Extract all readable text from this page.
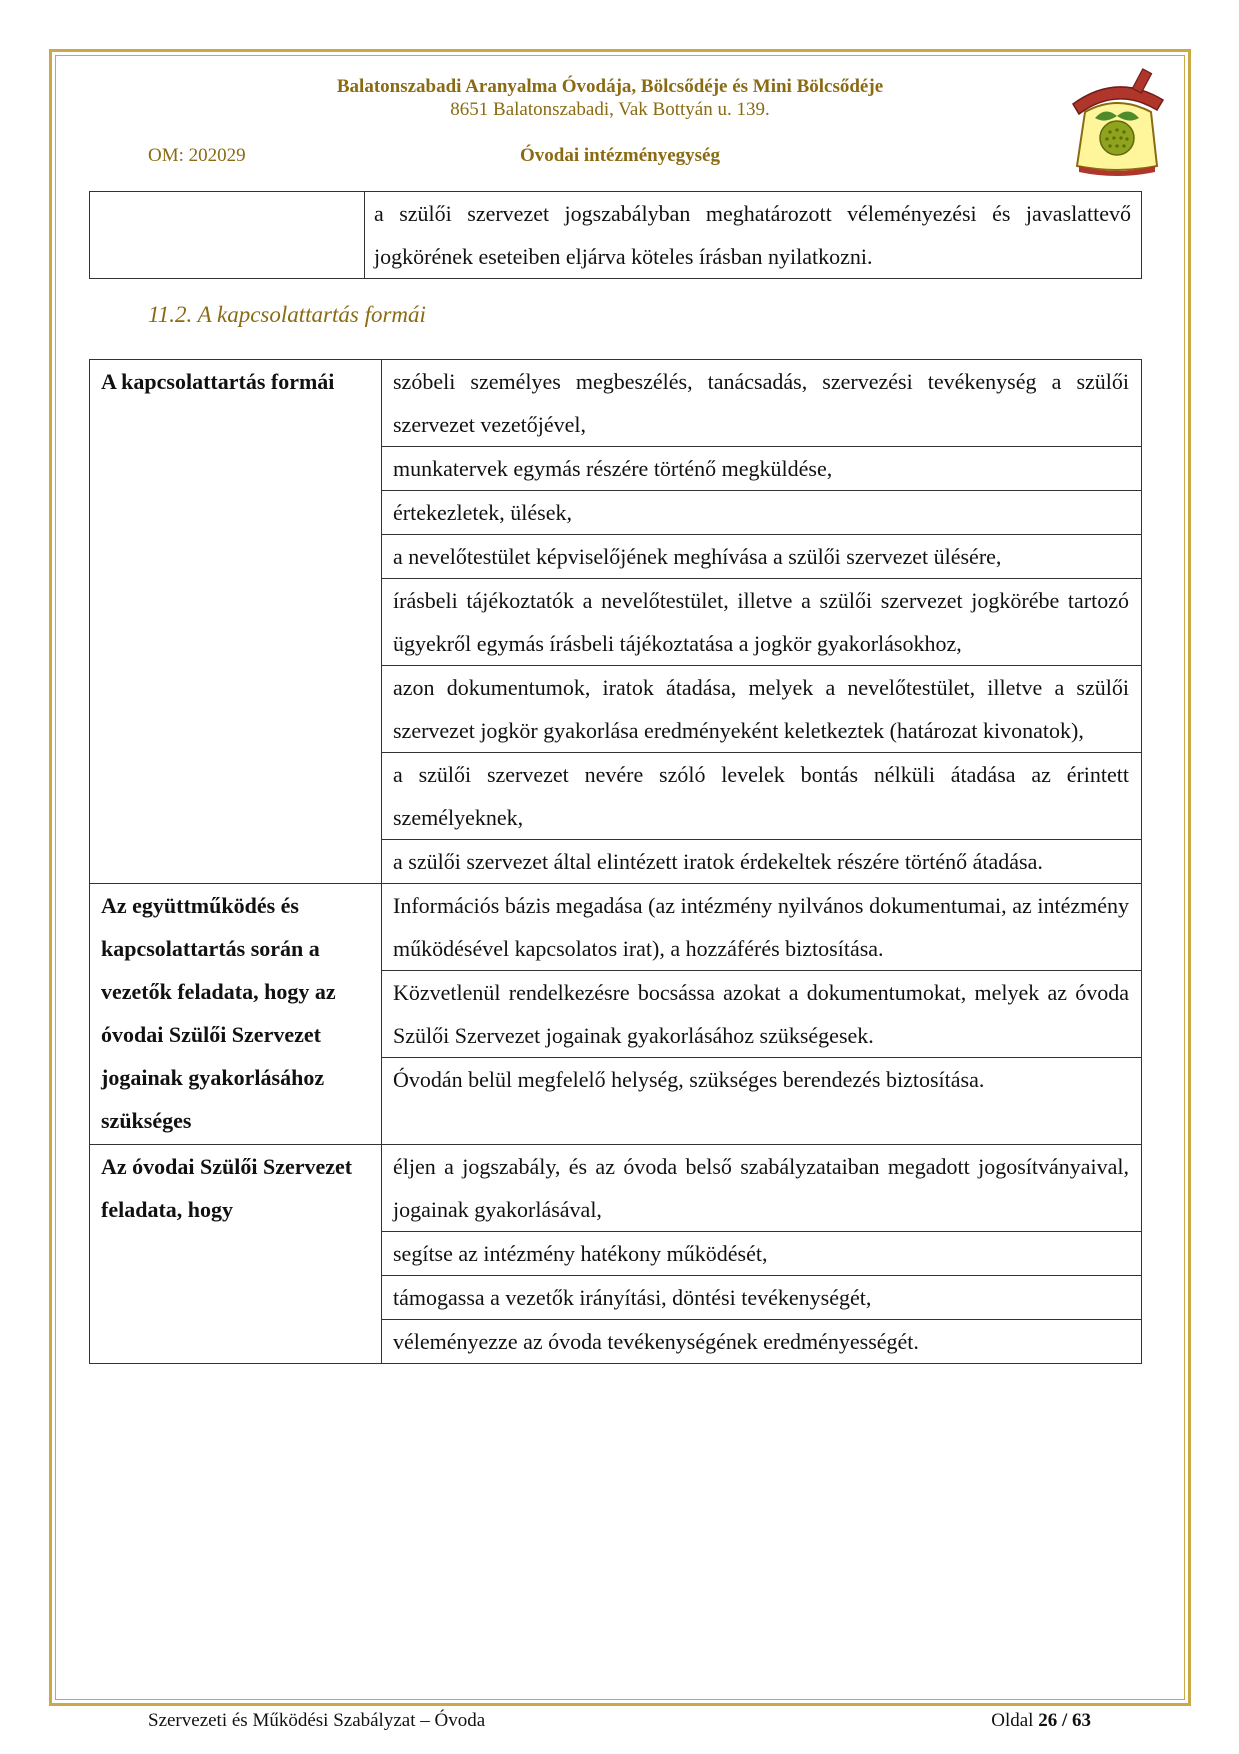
Balatonszabadi Aranyalma Óvodája, Bölcsődéje és Mini Bölcsődéje
8651 Balatonszabadi, Vak Bottyán u. 139.
OM: 202029	Óvodai intézményegység
	a szülői szervezet jogszabályban meghatározott véleményezési és javaslattevő jogkörének eseteiben eljárva köteles írásban nyilatkozni.
11.2. A kapcsolattartás formái
A kapcsolattartás formái	szóbeli személyes megbeszélés, tanácsadás, szervezési tevékenység a szülői szervezet vezetőjével,
	munkatervek egymás részére történő megküldése,
	értekezletek, ülések,
	a nevelőtestület képviselőjének meghívása a szülői szervezet ülésére,
	írásbeli tájékoztatók a nevelőtestület, illetve a szülői szervezet jogkörébe tartozó ügyekről egymás írásbeli tájékoztatása a jogkör gyakorlásokhoz,
	azon dokumentumok, iratok átadása, melyek a nevelőtestület, illetve a szülői szervezet jogkör gyakorlása eredményeként keletkeztek (határozat kivonatok),
	a szülői szervezet nevére szóló levelek bontás nélküli átadása az érintett személyeknek,
	a szülői szervezet által elintézett iratok érdekeltek részére történő átadása.
Az együttműködés és kapcsolattartás során a vezetők feladata, hogy az óvodai Szülői Szervezet jogainak gyakorlásához szükséges	Információs bázis megadása (az intézmény nyilvános dokumentumai, az intézmény működésével kapcsolatos irat), a hozzáférés biztosítása.
	Közvetlenül rendelkezésre bocsássa azokat a dokumentumokat, melyek az óvoda Szülői Szervezet jogainak gyakorlásához szükségesek.
	Óvodán belül megfelelő helység, szükséges berendezés biztosítása.
Az óvodai Szülői Szervezet feladata, hogy	éljen a jogszabály, és az óvoda belső szabályzataiban megadott jogosítványaival, jogainak gyakorlásával,
	segítse az intézmény hatékony működését,
	támogassa a vezetők irányítási, döntési tevékenységét,
	véleményezze az óvoda tevékenységének eredményességét.
Szervezeti és Működési Szabályzat – Óvoda	Oldal 26 / 63
